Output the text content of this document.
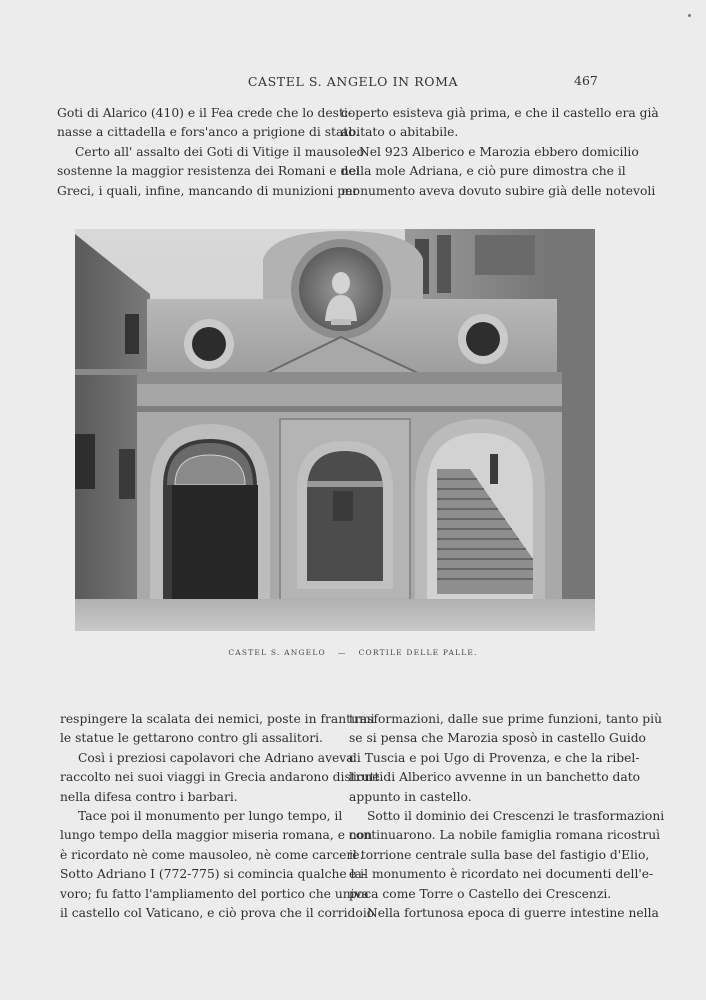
CASTEL S. ANGELO IN ROMA	467
Goti di Alarico (410) e il Fea crede che lo desti-
nasse a cittadella e fors'anco a prigione di stato.
Certo all' assalto dei Goti di Vitige il mausoleo
sostenne la maggior resistenza dei Romani e dei
Greci, i quali, infine, mancando di munizioni per
coperto esisteva già prima, e che il castello era già
abitato o abitabile.
Nel 923 Alberico e Marozia ebbero domicilio
nella mole Adriana, e ciò pure dimostra che il
monumento aveva dovuto subire già delle notevoli
CASTEL S. ANGELO — CORTILE DELLE PALLE.
respingere la scalata dei nemici, poste in frantumi
le statue le gettarono contro gli assalitori.
Così i preziosi capolavori che Adriano aveva
raccolto nei suoi viaggi in Grecia andarono distrutti
nella difesa contro i barbari.
Tace poi il monumento per lungo tempo, il
lungo tempo della maggior miseria romana, e non
è ricordato nè come mausoleo, nè come carcere.
Sotto Adriano I (772-775) si comincia qualche la-
voro; fu fatto l'ampliamento del portico che univa
il castello col Vaticano, e ciò prova che il corridoio
trasformazioni, dalle sue prime funzioni, tanto più
se si pensa che Marozia sposò in castello Guido
di Tuscia e poi Ugo di Provenza, e che la ribel-
lione di Alberico avvenne in un banchetto dato
appunto in castello.
Sotto il dominio dei Crescenzi le trasformazioni
continuarono. La nobile famiglia romana ricostruì
il torrione centrale sulla base del fastigio d'Elio,
e il monumento è ricordato nei documenti dell'e-
poca come Torre o Castello dei Crescenzi.
Nella fortunosa epoca di guerre intestine nella
